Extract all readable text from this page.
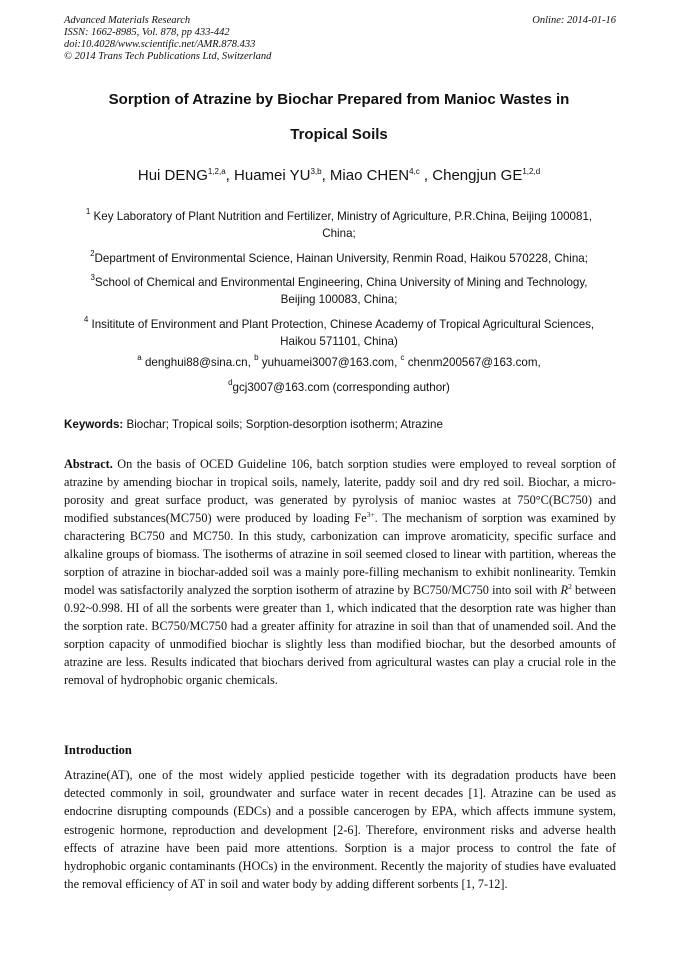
Advanced Materials Research
ISSN: 1662-8985, Vol. 878, pp 433-442
doi:10.4028/www.scientific.net/AMR.878.433
© 2014 Trans Tech Publications Ltd, Switzerland
Online: 2014-01-16
Sorption of Atrazine by Biochar Prepared from Manioc Wastes in
Tropical Soils
Hui DENG$^{1,2,a}$, Huamei YU$^{3,b}$, Miao CHEN$^{4,c}$ , Chengjun GE$^{1,2,d}$
$^1$ Key Laboratory of Plant Nutrition and Fertilizer, Ministry of Agriculture, P.R.China, Beijing 100081,
China;
$^2$Department of Environmental Science, Hainan University, Renmin Road, Haikou 570228, China;
$^3$School of Chemical and Environmental Engineering, China University of Mining and Technology,
Beijing 100083, China;
$^4$ Insititute of Environment and Plant Protection, Chinese Academy of Tropical Agricultural Sciences,
Haikou 571101, China)
$^a$ denghui88@sina.cn, $^b$ yuhuamei3007@163.com, $^c$ chenm200567@163.com,
$^d$gcj3007@163.com (corresponding author)
Keywords: Biochar; Tropical soils; Sorption-desorption isotherm; Atrazine

Abstract. On the basis of OCED Guideline 106, batch sorption studies were employed to reveal sorption of atrazine by amending biochar in tropical soils, namely, laterite, paddy soil and dry red soil. Biochar, a micro-porosity and great surface product, was generated by pyrolysis of manioc wastes at 750°C(BC750) and modified substances(MC750) were produced by loading $Fe^{3+}$. The mechanism of sorption was examined by charactering BC750 and MC750. In this study, carbonization can improve aromaticity, specific surface and alkaline groups of biomass. The isotherms of atrazine in soil seemed closed to linear with partition, whereas the sorption of atrazine in biochar-added soil was a mainly pore-filling mechanism to exhibit nonlinearity. Temkin model was satisfactorily analyzed the sorption isotherm of atrazine by BC750/MC750 into soil with $R^2$ between 0.92~0.998. HI of all the sorbents were greater than 1, which indicated that the desorption rate was higher than the sorption rate. BC750/MC750 had a greater affinity for atrazine in soil than that of unamended soil. And the sorption capacity of unmodified biochar is slightly less than modified biochar, but the desorbed amounts of atrazine are less. Results indicated that biochars derived from agricultural wastes can play a crucial role in the removal of hydrophobic organic chemicals.

Introduction

Atrazine(AT), one of the most widely applied pesticide together with its degradation products have been detected commonly in soil, groundwater and surface water in recent decades [1]. Atrazine can be used as endocrine disrupting compounds (EDCs) and a possible cancerogen by EPA, which affects immune system, estrogenic hormone, reproduction and development [2-6]. Therefore, environment risks and adverse health effects of atrazine have been paid more attentions. Sorption is a major process to control the fate of hydrophobic organic contaminants (HOCs) in the environment. Recently the majority of studies have evaluated the removal efficiency of AT in soil and water body by adding different sorbents [1, 7-12].
